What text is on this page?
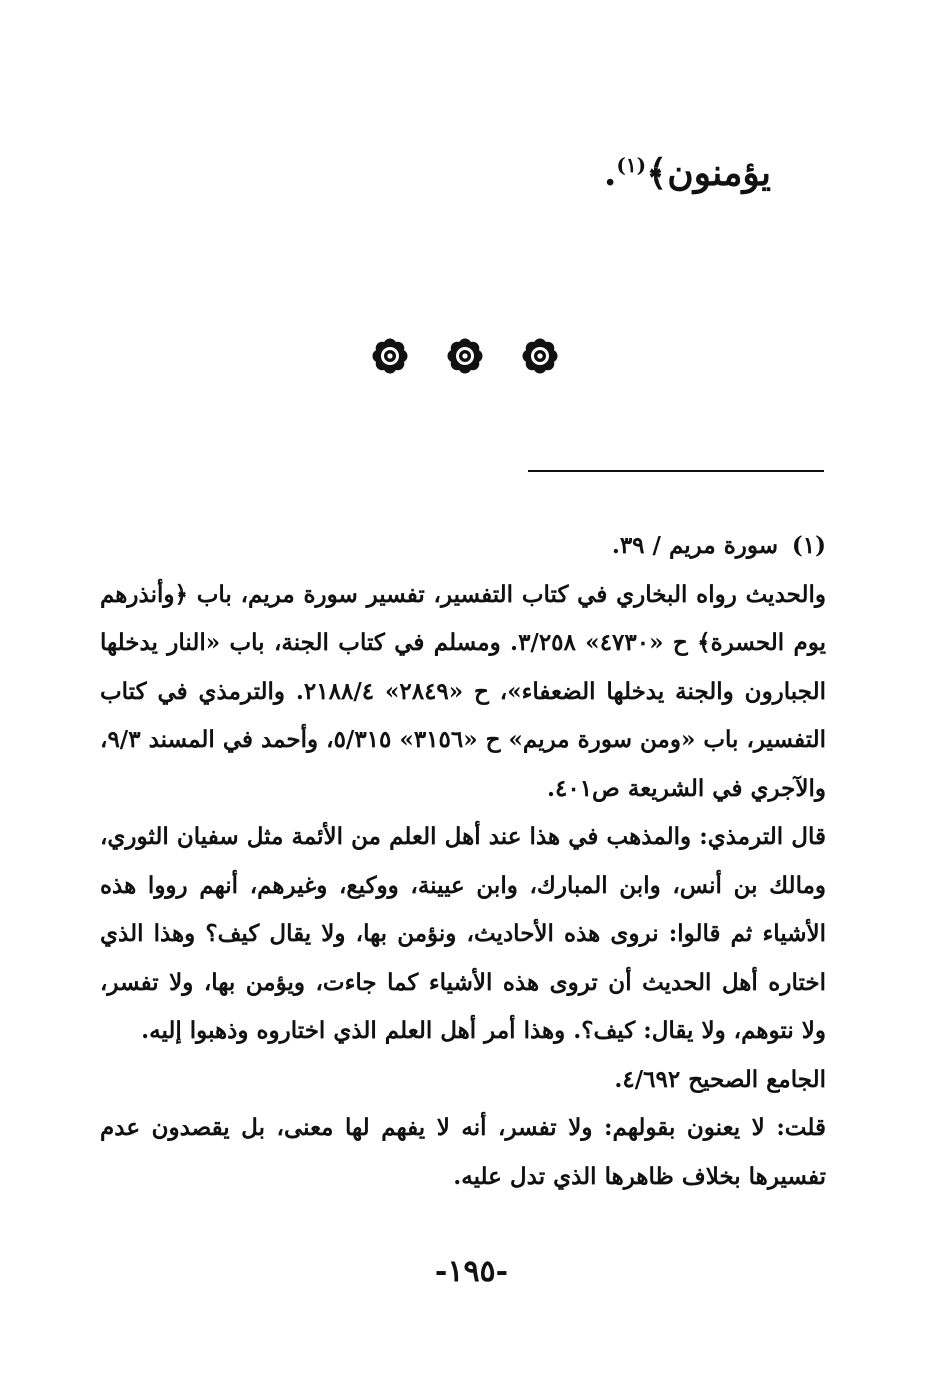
يؤمنون﴾$^{(١)}$.
(١)
سورة مريم / ٣٩.

والحديث رواه البخاري في كتاب التفسير، تفسير سورة مريم، باب ﴿وأنذرهم يوم الحسرة﴾ ح «٤٧٣٠» ٣/٢٥٨. ومسلم في كتاب الجنة، باب «النار يدخلها الجبارون والجنة يدخلها الضعفاء»، ح «٢٨٤٩» ٢١٨٨/٤. والترمذي في كتاب التفسير، باب «ومن سورة مريم» ح «٣١٥٦» ٥/٣١٥، وأحمد في المسند ٩/٣، والآجري في الشريعة ص٤٠١.

قال الترمذي: والمذهب في هذا عند أهل العلم من الأئمة مثل سفيان الثوري، ومالك بن أنس، وابن المبارك، وابن عيينة، ووكيع، وغيرهم، أنهم رووا هذه الأشياء ثم قالوا: نروى هذه الأحاديث، ونؤمن بها، ولا يقال كيف؟ وهذا الذي اختاره أهل الحديث أن تروى هذه الأشياء كما جاءت، ويؤمن بها، ولا تفسر، ولا نتوهم، ولا يقال: كيف؟. وهذا أمر أهل العلم الذي اختاروه وذهبوا إليه.

الجامع الصحيح ٤/٦٩٢.

قلت: لا يعنون بقولهم: ولا تفسر، أنه لا يفهم لها معنى، بل يقصدون عدم تفسيرها بخلاف ظاهرها الذي تدل عليه.

-١٩٥-
